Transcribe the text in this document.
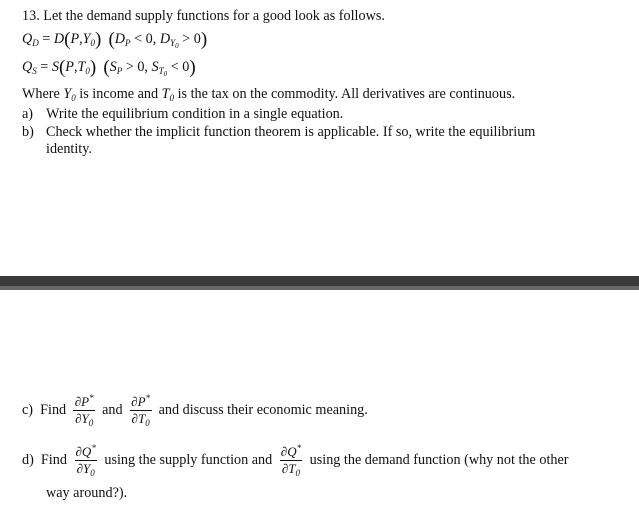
13. Let the demand supply functions for a good look as follows.
$Q_D = D(P,Y_0) (D_P < 0$, $D_{Y_0} > 0$)
$Q_S = S(P,T_0) (S_P > 0$, $S_{T_0} < 0$)
Where $Y_0$ is income and $T_0$ is the tax on the commodity. All derivatives are continuous.
a) Write the equilibrium condition in a single equation.
b) Check whether the implicit function theorem is applicable. If so, write the equilibrium
identity.
c) Find $\frac{\partial P^*}{\partial Y_0}$ and $\frac{\partial P^*}{\partial T_0}$ and discuss their economic meaning.
d) Find $\frac{\partial Q^*}{\partial Y_0}$ using the supply function and $\frac{\partial Q^*}{\partial T_0}$ using the demand function (why not the other
way around?).
